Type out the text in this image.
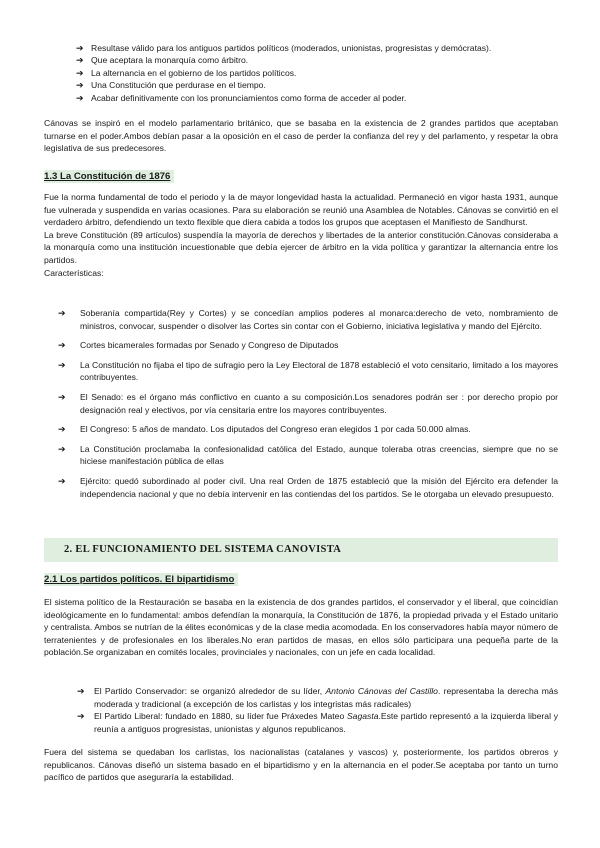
➔ Resultase válido para los antiguos partidos políticos (moderados, unionistas, progresistas y demócratas).
➔ Que aceptara la monarquía como árbitro.
➔ La alternancia en el gobierno de los partidos políticos.
➔ Una Constitución que perdurase en el tiempo.
➔ Acabar definitivamente con los pronunciamientos como forma de acceder al poder.

Cánovas se inspiró en el modelo parlamentario británico, que se basaba en la existencia de 2 grandes partidos que aceptaban turnarse en el poder.Ambos debían pasar a la oposición en el caso de perder la confianza del rey y del parlamento, y respetar la obra legislativa de sus predecesores.

1.3 La Constitución de 1876

Fue la norma fundamental de todo el periodo y la de mayor longevidad hasta la actualidad. Permaneció en vigor hasta 1931, aunque fue vulnerada y suspendida en varias ocasiones. Para su elaboración se reunió una Asamblea de Notables. Cánovas se convirtió en el verdadero árbitro, defendiendo un texto flexible que diera cabida a todos los grupos que aceptasen el Manifiesto de Sandhurst.

La breve Constitución (89 artículos) suspendía la mayoría de derechos y libertades de la anterior constitución.Cánovas consideraba a la monarquía como una institución incuestionable que debía ejercer de árbitro en la vida política y garantizar la alternancia entre los partidos.

Características:

➔ Soberanía compartida(Rey y Cortes) y se concedían amplios poderes al monarca:derecho de veto, nombramiento de ministros, convocar, suspender o disolver las Cortes sin contar con el Gobierno, iniciativa legislativa y mando del Ejército.
➔ Cortes bicamerales formadas por Senado y Congreso de Diputados
➔ La Constitución no fijaba el tipo de sufragio pero la Ley Electoral de 1878 estableció el voto censitario, limitado a los mayores contribuyentes.
➔ El Senado: es el órgano más conflictivo en cuanto a su composición.Los senadores podrán ser : por derecho propio por designación real y electivos, por vía censitaria entre los mayores contribuyentes.
➔ El Congreso: 5 años de mandato. Los diputados del Congreso eran elegidos 1 por cada 50.000 almas.
➔ La Constitución proclamaba la confesionalidad católica del Estado, aunque toleraba otras creencias, siempre que no se hiciese manifestación pública de ellas
➔ Ejército: quedó subordinado al poder civil. Una real Orden de 1875 estableció que la misión del Ejército era defender la independencia nacional y que no debía intervenir en las contiendas del los partidos. Se le otorgaba un elevado presupuesto.
2. EL FUNCIONAMIENTO DEL SISTEMA CANOVISTA
2.1 Los partidos políticos. El bipartidismo

El sistema político de la Restauración se basaba en la existencia de dos grandes partidos, el conservador y el liberal, que coincidían ideológicamente en lo fundamental: ambos defendían la monarquía, la Constitución de 1876, la propiedad privada y el Estado unitario y centralista. Ambos se nutrían de la élites económicas y de la clase media acomodada. En los conservadores había mayor número de terratenientes y de profesionales en los liberales.No eran partidos de masas, en ellos sólo participara una pequeña parte de la población.Se organizaban en comités locales, provinciales y nacionales, con un jefe en cada localidad.

➔ El Partido Conservador: se organizó alrededor de su líder, Antonio Cánovas del Castillo. representaba la derecha más moderada y tradicional (a excepción de los carlistas y los integristas más radicales)
➔ El Partido Liberal: fundado en 1880, su líder fue Práxedes Mateo Sagasta.Este partido representó a la izquierda liberal y reunía a antiguos progresistas, unionistas y algunos republicanos.

Fuera del sistema se quedaban los carlistas, los nacionalistas (catalanes y vascos) y, posteriormente, los partidos obreros y republicanos. Cánovas diseñó un sistema basado en el bipartidismo y en la alternancia en el poder.Se aceptaba por tanto un turno pacífico de partidos que aseguraría la estabilidad.
